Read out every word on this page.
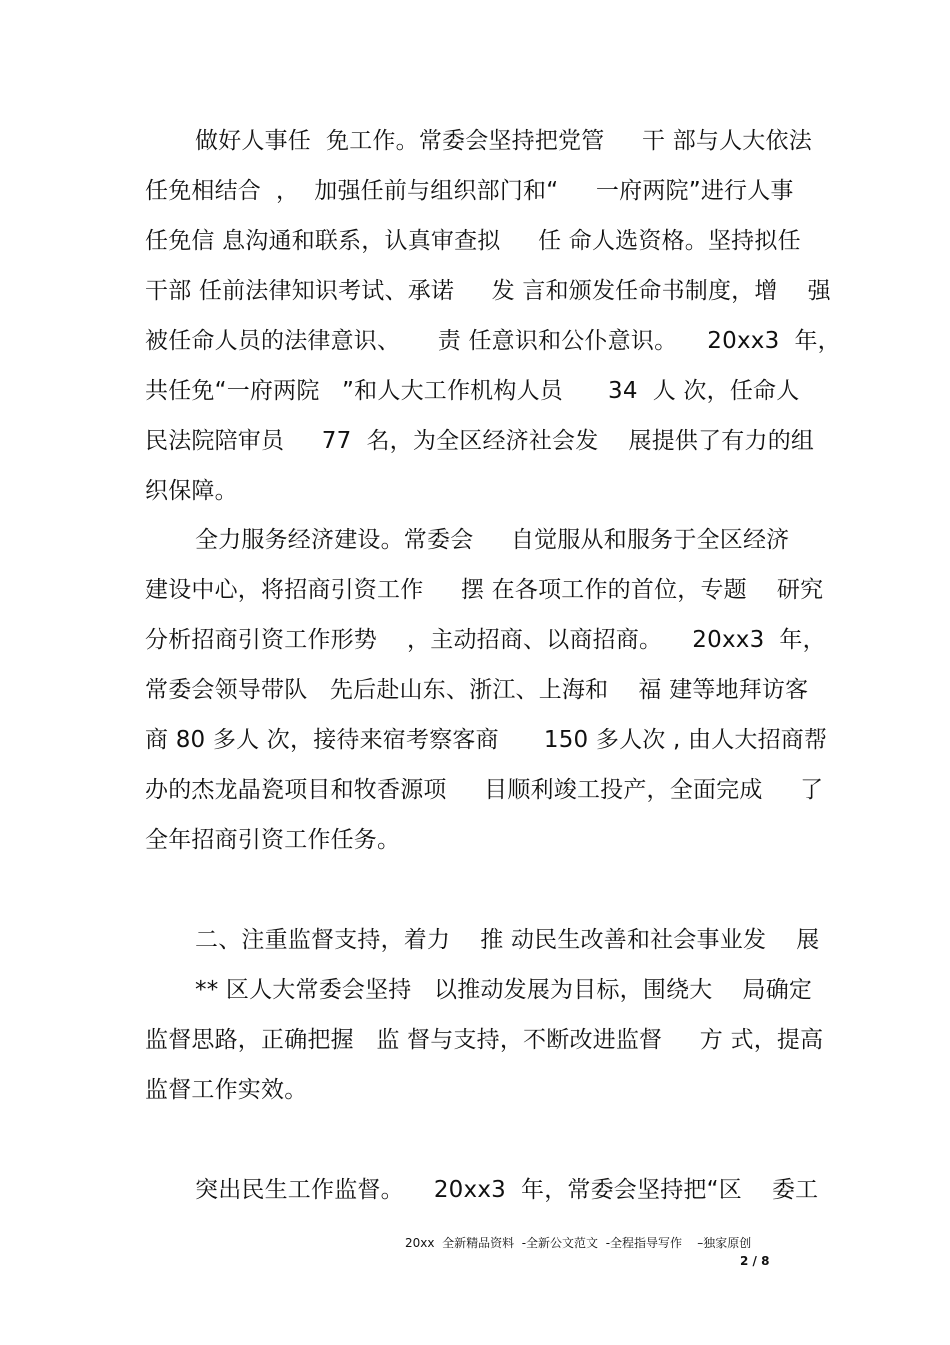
做好人事任  免工作。常委会坚持把党管     干 部与人大依法
任免相结合  ，  加强任前与组织部门和“     一府两院”进行人事
任免信 息沟通和联系，认真审查拟     任 命人选资格。坚持拟任
干部 任前法律知识考试、承诺     发 言和颁发任命书制度，增    强
被任命人员的法律意识、     责 任意识和公仆意识。    20xx3  年，
共任免“一府两院   ”和人大工作机构人员      34  人 次，任命人
民法院陪审员     77  名，为全区经济社会发    展提供了有力的组
织保障。
全力服务经济建设。常委会     自觉服从和服务于全区经济
建设中心，将招商引资工作     摆 在各项工作的首位，专题    研究
分析招商引资工作形势    ，主动招商、以商招商。    20xx3  年，
常委会领导带队   先后赴山东、浙江、上海和    福 建等地拜访客
商 80 多人 次，接待来宿考察客商      150 多人次 , 由人大招商帮
办的杰龙晶瓷项目和牧香源项     目顺利竣工投产，全面完成     了
全年招商引资工作任务。
二、注重监督支持，着力    推 动民生改善和社会事业发    展
** 区人大常委会坚持   以推动发展为目标，围绕大    局确定
监督思路，正确把握   监 督与支持，不断改进监督     方 式，提高
监督工作实效。
突出民生工作监督。    20xx3  年，常委会坚持把“区    委工
20xx  全新精品资料  -全新公文范文  -全程指导写作    –独家原创
2 / 8
